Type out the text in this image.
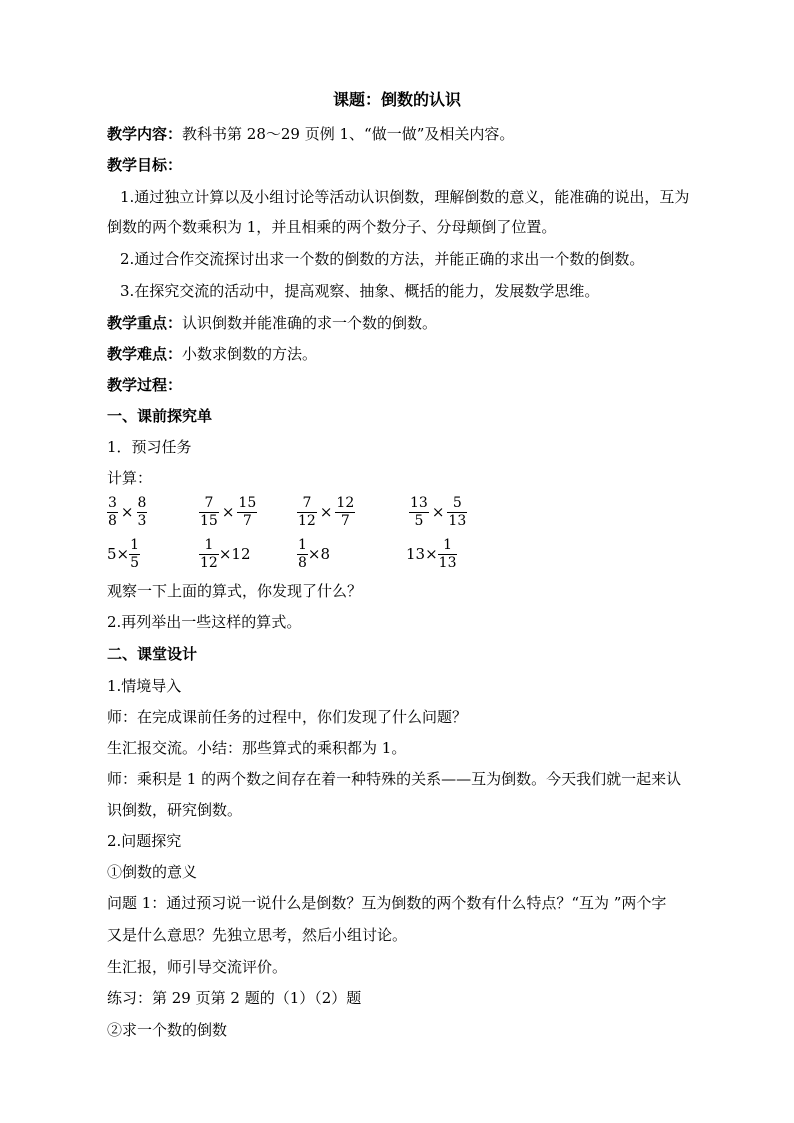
课题：倒数的认识
教学内容：教科书第 28～29 页例 1、“做一做”及相关内容。
教学目标：
1.通过独立计算以及小组讨论等活动认识倒数，理解倒数的意义，能准确的说出，互为
倒数的两个数乘积为 1，并且相乘的两个数分子、分母颠倒了位置。
2.通过合作交流探讨出求一个数的倒数的方法，并能正确的求出一个数的倒数。
3.在探究交流的活动中，提高观察、抽象、概括的能力，发展数学思维。
教学重点：认识倒数并能准确的求一个数的倒数。
教学难点：小数求倒数的方法。
教学过程：
一、课前探究单
1．预习任务
计算：
$\frac{3}{8} \times \frac{8}{3}$	$\frac{7}{15} \times \frac{15}{7}$	$\frac{7}{12} \times \frac{12}{7}$	$\frac{13}{5} \times \frac{5}{13}$
$5\times \frac{1}{5}$	$\frac{1}{12} \times 12$	$\frac{1}{8} \times 8$	$13\times \frac{1}{13}$
观察一下上面的算式，你发现了什么？
2.再列举出一些这样的算式。
二、课堂设计
1.情境导入
师：在完成课前任务的过程中，你们发现了什么问题？
生汇报交流。小结：那些算式的乘积都为 1。
师：乘积是 1 的两个数之间存在着一种特殊的关系——互为倒数。今天我们就一起来认
识倒数，研究倒数。
2.问题探究
①倒数的意义
问题 1：通过预习说一说什么是倒数？互为倒数的两个数有什么特点？“互为 ”两个字
又是什么意思？先独立思考，然后小组讨论。
生汇报，师引导交流评价。
练习：第 29 页第 2 题的（1）（2）题
②求一个数的倒数
